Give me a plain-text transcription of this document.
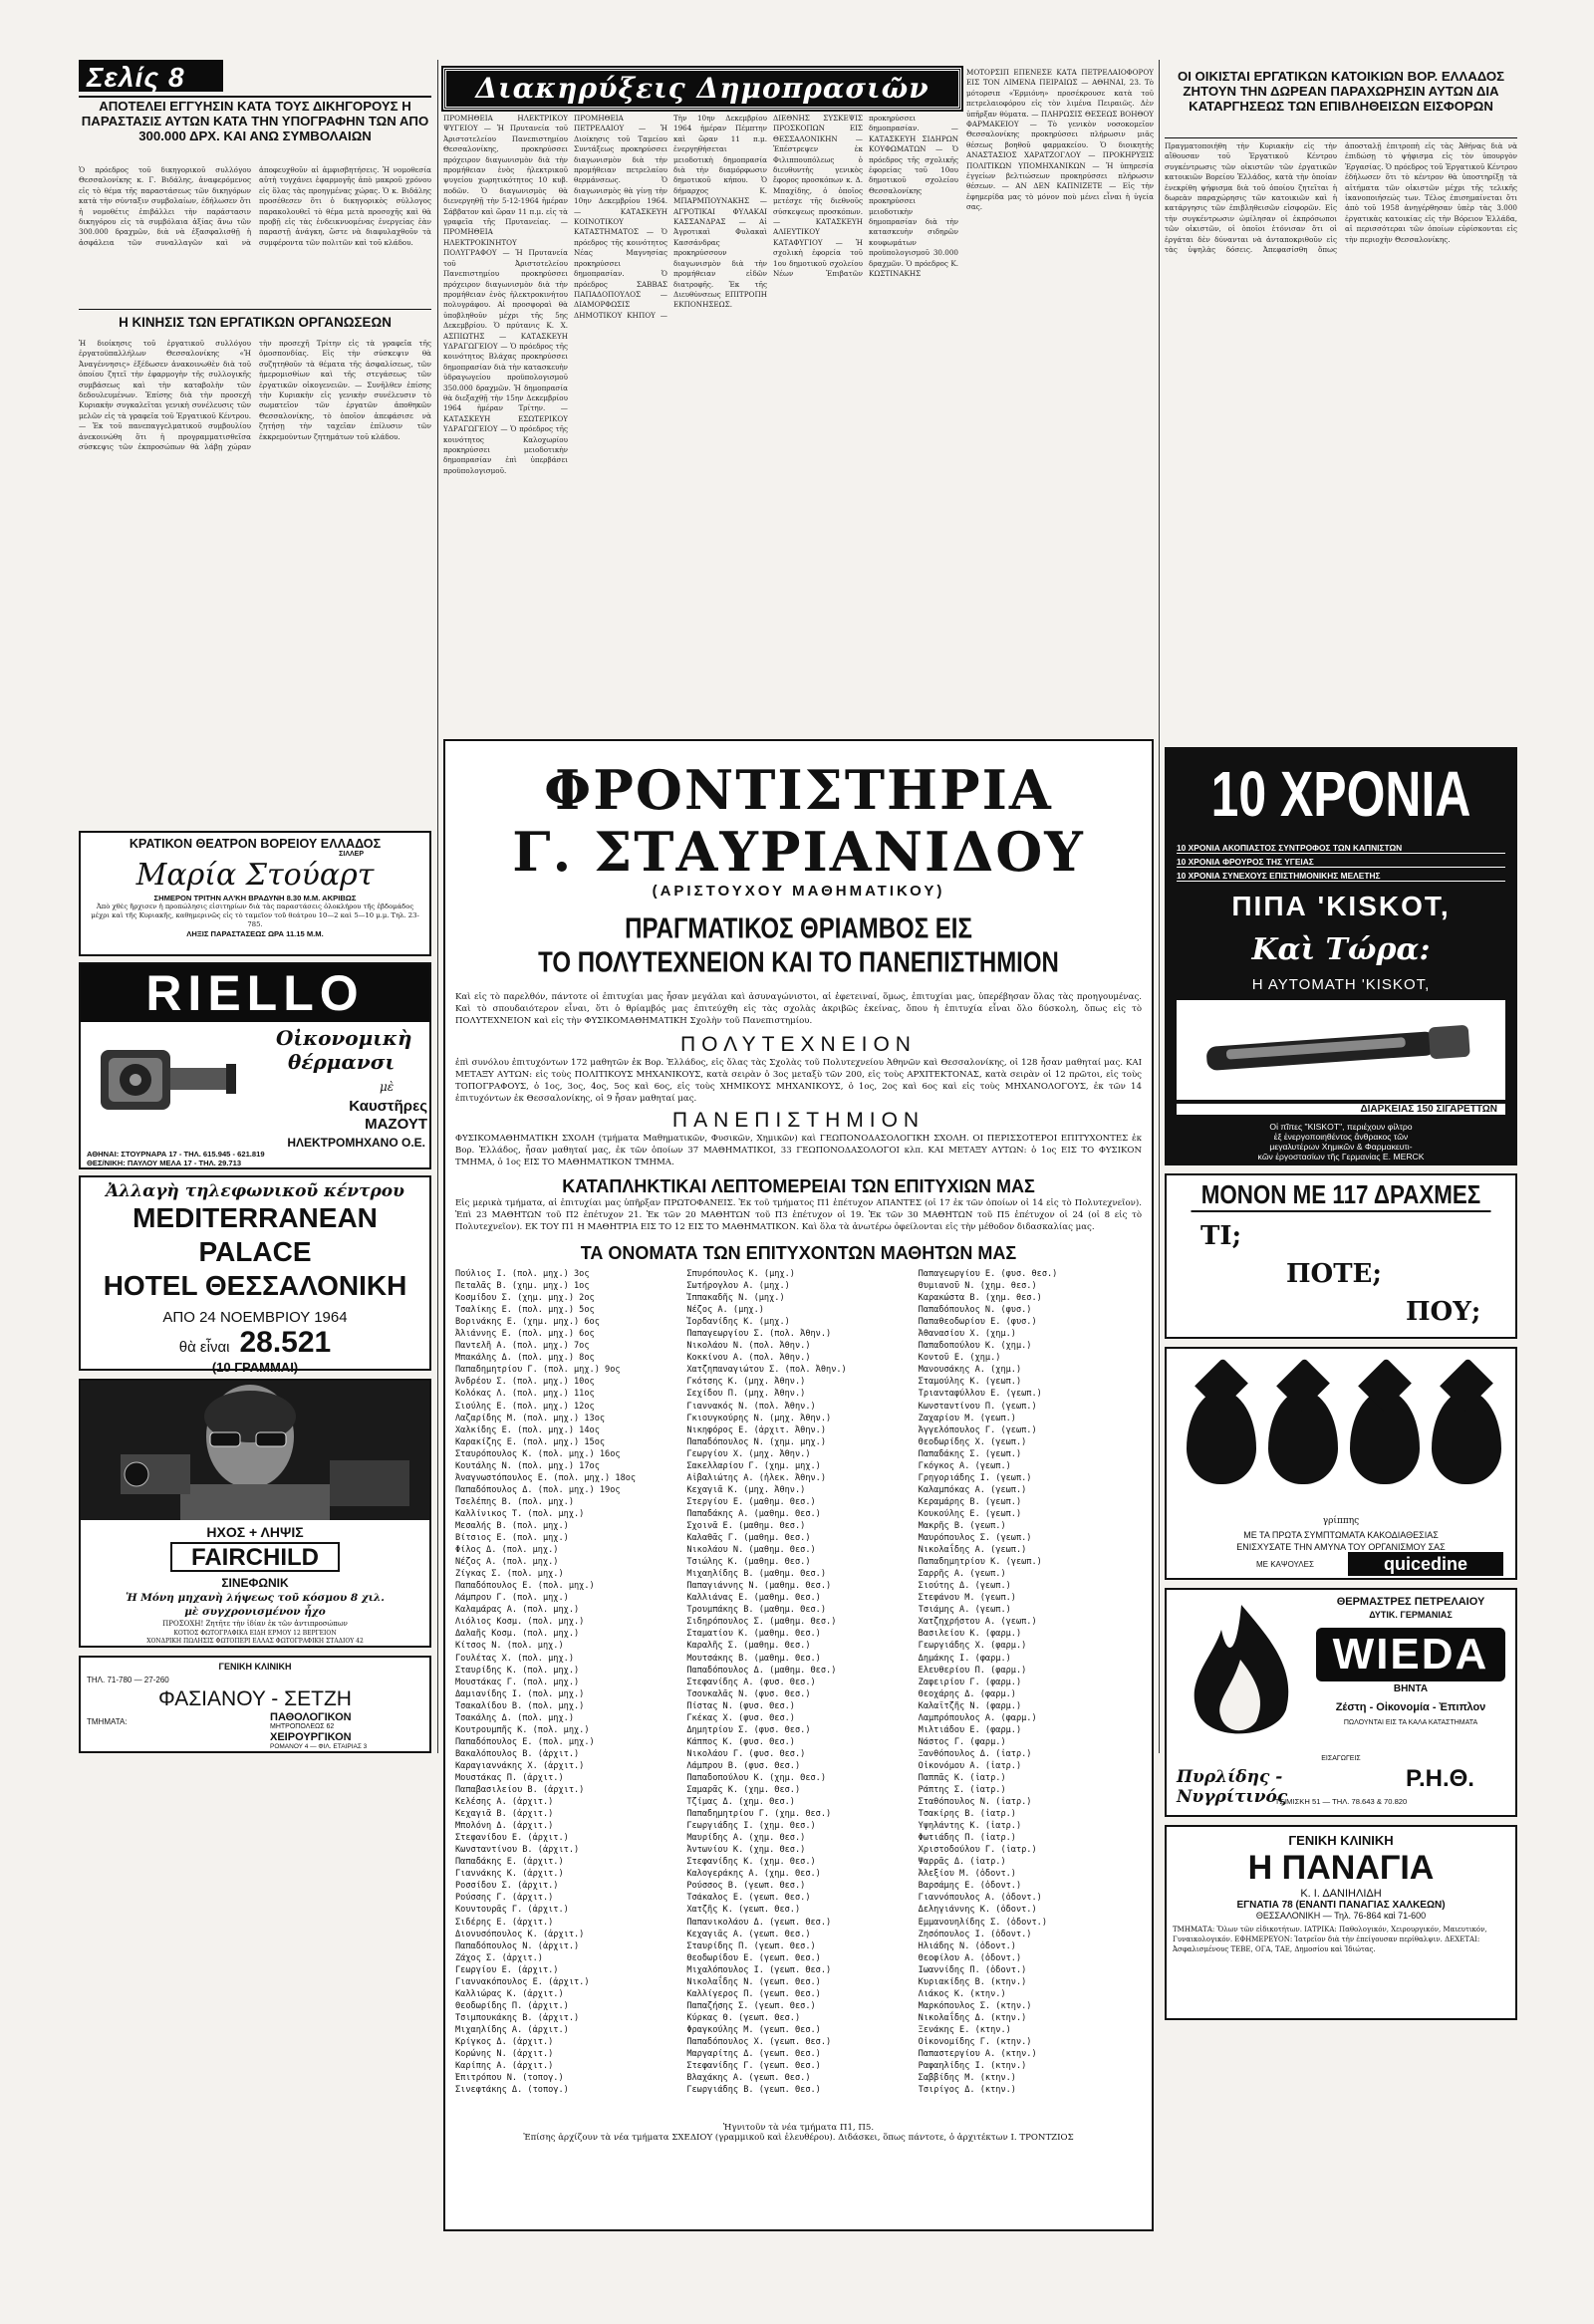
Σελίς 8
ΑΠΟΤΕΛΕΙ ΕΓΓΥΗΣΙΝ ΚΑΤΑ ΤΟΥΣ ΔΙΚΗΓΟΡΟΥΣ Η ΠΑΡΑΣΤΑΣΙΣ ΑΥΤΩΝ ΚΑΤΑ ΤΗΝ ΥΠΟΓΡΑΦΗΝ ΤΩΝ ΑΠΟ 300.000 ΔΡΧ. ΚΑΙ ΑΝΩ ΣΥΜΒΟΛΑΙΩΝ
Ὁ πρόεδρος τοῦ δικηγορικοῦ συλλόγου Θεσσαλονίκης κ. Γ. Βιδάλης, ἀναφερόμενος εἰς τὸ θέμα τῆς παραστάσεως τῶν δικηγόρων κατὰ τὴν σύνταξιν συμβολαίων, ἐδήλωσεν ὅτι ἡ νομοθέτις ἐπιβάλλει τὴν παράστασιν δικηγόρου εἰς τὰ συμβόλαια ἀξίας ἄνω τῶν 300.000 δραχμῶν, διὰ νὰ ἐξασφαλισθῇ ἡ ἀσφάλεια τῶν συναλλαγῶν καὶ νὰ ἀποφευχθοῦν αἱ ἀμφισβητήσεις. Ἡ νομοθεσία αὐτὴ τυγχάνει ἐφαρμογῆς ἀπὸ μακροῦ χρόνου εἰς ὅλας τὰς προηγμένας χώρας. Ὁ κ. Βιδάλης προσέθεσεν ὅτι ὁ δικηγορικὸς σύλλογος παρακολουθεῖ τὸ θέμα μετὰ προσοχῆς καὶ θὰ προβῇ εἰς τὰς ἐνδεικνυομένας ἐνεργείας ἐὰν παραστῇ ἀνάγκη, ὥστε νὰ διαφυλαχθοῦν τὰ συμφέροντα τῶν πολιτῶν καὶ τοῦ κλάδου.
Η ΚΙΝΗΣΙΣ ΤΩΝ ΕΡΓΑΤΙΚΩΝ ΟΡΓΑΝΩΣΕΩΝ
Ἡ διοίκησις τοῦ ἐργατικοῦ συλλόγου ἐργατοϋπαλλήλων Θεσσαλονίκης «Ἡ Ἀναγέννησις» ἐξέδωσεν ἀνακοινωθὲν διὰ τοῦ ὁποίου ζητεῖ τὴν ἐφαρμογὴν τῆς συλλογικῆς συμβάσεως καὶ τὴν καταβολὴν τῶν δεδουλευμένων. Ἐπίσης διὰ τὴν προσεχῆ Κυριακὴν συγκαλεῖται γενικὴ συνέλευσις τῶν μελῶν εἰς τὰ γραφεῖα τοῦ Ἐργατικοῦ Κέντρου. — Ἐκ τοῦ πανεπαγγελματικοῦ συμβουλίου ἀνεκοινώθη ὅτι ἡ προγραμματισθεῖσα σύσκεψις τῶν ἐκπροσώπων θὰ λάβῃ χώραν τὴν προσεχῆ Τρίτην εἰς τὰ γραφεῖα τῆς ὁμοσπονδίας. Εἰς τὴν σύσκεψιν θὰ συζητηθοῦν τὰ θέματα τῆς ἀσφαλίσεως, τῶν ἡμερομισθίων καὶ τῆς στεγάσεως τῶν ἐργατικῶν οἰκογενειῶν. — Συνῆλθεν ἐπίσης τὴν Κυριακὴν εἰς γενικὴν συνέλευσιν τὸ σωματεῖον τῶν ἐργατῶν ἀποθηκῶν Θεσσαλονίκης, τὸ ὁποῖον ἀπεφάσισε νὰ ζητήσῃ τὴν ταχεῖαν ἐπίλυσιν τῶν ἐκκρεμούντων ζητημάτων τοῦ κλάδου.
ΚΡΑΤΙΚΟΝ ΘΕΑΤΡΟΝ ΒΟΡΕΙΟΥ ΕΛΛΑΔΟΣ
ΣΙΛΛΕΡ
Μαρία Στούαρτ
ΣΗΜΕΡΟΝ ΤΡΙΤΗΝ ΑΛ'ΚΗ ΒΡΑΔΥΝΗ 8.30 Μ.Μ. ΑΚΡΙΒΩΣ
Ἀπὸ χθὲς ἤρχισεν ἡ προπώλησις εἰσιτηρίων διὰ τὰς παραστάσεις ὁλοκλήρου τῆς ἑβδομάδος μέχρι καὶ τῆς Κυριακῆς, καθημερινῶς εἰς τὸ ταμεῖον τοῦ θεάτρου 10—2 καὶ 5—10 μ.μ. Τηλ. 23-785.
ΛΗΞΙΣ ΠΑΡΑΣΤΑΣΕΩΣ ΩΡΑ 11.15 Μ.Μ.
RIELLO
Οἰκονομικὴ
θέρμανσι
μὲ
Καυστῆρες
ΜΑΖΟΥΤ
ΗΛΕΚΤΡΟΜΗΧΑΝΟ Ο.Ε.
ΑΘΗΝΑΙ: ΣΤΟΥΡΝΑΡΑ 17 - ΤΗΛ. 615.945 - 621.819
ΘΕΣ/ΝΙΚΗ: ΠΑΥΛΟΥ ΜΕΛΑ 17 - ΤΗΛ. 29.713
Ἀλλαγὴ τηλεφωνικοῦ κέντρου
MEDITERRANEAN PALACE
HOTEL ΘΕΣΣΑΛΟΝΙΚΗ
ΑΠΟ 24 ΝΟΕΜΒΡΙΟΥ 1964
θὰ εἶναι 28.521
(10 ΓΡΑΜΜΑΙ)
ΗΧΟΣ + ΛΗΨΙΣ
FAIRCHILD
ΣΙΝΕΦΩΝΙΚ
Ἡ Μόνη μηχανὴ λήψεως τοῦ κόσμου 8 χιλ.
μὲ συγχρονισμένον ἦχο
ΠΡΟΣΟΧΗ! Ζητῆτε τὴν ἰδίαν ἐκ τῶν ἀντιπροσώπων
ΚΟΤΙΟΣ ΦΩΤΟΓΡΑΦΙΚΑ ΕΙΔΗ ΕΡΜΟΥ 12 ΒΕΡΓΕΙΟΝ
ΧΟΝΔΡΙΚΗ ΠΩΛΗΣΙΣ ΦΩΤΟΠΕΡΙ ΕΛΛΑΣ ΦΩΤΟΓΡΑΦΙΚΗ ΣΤΑΔΙΟΥ 42
ΓΕΝΙΚΗ ΚΛΙΝΙΚΗ
ΤΗΛ. 71-780 — 27-260
ΦΑΣΙΑΝΟΥ - ΣΕΤΖΗ
ΤΜΗΜΑΤΑ:	ΠΑΘΟΛΟΓΙΚΟΝ
ΜΗΤΡΟΠΟΛΕΩΣ 62
ΧΕΙΡΟΥΡΓΙΚΟΝ
ΡΟΜΑΝΟΥ 4 — ΦΙΛ. ΕΤΑΙΡΙΑΣ 3
Διακηρύξεις Δημοπρασιῶν
ΠΡΟΜΗΘΕΙΑ ΗΛΕΚΤΡΙΚΟΥ ΨΥΓΕΙΟΥ — Ἡ Πρυτανεία τοῦ Ἀριστοτελείου Πανεπιστημίου Θεσσαλονίκης, προκηρύσσει πρόχειρον διαγωνισμὸν διὰ τὴν προμήθειαν ἑνὸς ἠλεκτρικοῦ ψυγείου χωρητικότητος 10 κυβ. ποδῶν. Ὁ διαγωνισμὸς θὰ διενεργηθῇ τὴν 5-12-1964 ἡμέραν Σάββατον καὶ ὥραν 11 π.μ. εἰς τὰ γραφεῖα τῆς Πρυτανείας. — ΠΡΟΜΗΘΕΙΑ ΗΛΕΚΤΡΟΚΙΝΗΤΟΥ ΠΟΛΥΓΡΑΦΟΥ — Ἡ Πρυτανεία τοῦ Ἀριστοτελείου Πανεπιστημίου προκηρύσσει πρόχειρον διαγωνισμὸν διὰ τὴν προμήθειαν ἑνὸς ἠλεκτροκινήτου πολυγράφου. Αἱ προσφοραὶ θὰ ὑποβληθοῦν μέχρι τῆς 5ης Δεκεμβρίου. Ὁ πρύτανις Κ. Χ. ΑΣΠΙΩΤΗΣ — ΚΑΤΑΣΚΕΥΗ ΥΔΡΑΓΩΓΕΙΟΥ — Ὁ πρόεδρος τῆς κοινότητος Βλάχας προκηρύσσει δημοπρασίαν διὰ τὴν κατασκευὴν ὑδραγωγείου προϋπολογισμοῦ 350.000 δραχμῶν. Ἡ δημοπρασία θὰ διεξαχθῇ τὴν 15ην Δεκεμβρίου 1964 ἡμέραν Τρίτην. — ΚΑΤΑΣΚΕΥΗ ΕΣΩΤΕΡΙΚΟΥ ΥΔΡΑΓΩΓΕΙΟΥ — Ὁ πρόεδρος τῆς κοινότητος Καλοχωρίου προκηρύσσει μειοδοτικὴν δημοπρασίαν ἐπὶ ὑπερβάσει προϋπολογισμοῦ.
ΠΡΟΜΗΘΕΙΑ ΠΕΤΡΕΛΑΙΟΥ — Ἡ Διοίκησις τοῦ Ταμείου Συντάξεως προκηρύσσει διαγωνισμὸν διὰ τὴν προμήθειαν πετρελαίου θερμάνσεως. Ὁ διαγωνισμὸς θὰ γίνῃ τὴν 10ην Δεκεμβρίου 1964. — ΚΑΤΑΣΚΕΥΗ ΚΟΙΝΟΤΙΚΟΥ ΚΑΤΑΣΤΗΜΑΤΟΣ — Ὁ πρόεδρος τῆς κοινότητος Νέας Μαγνησίας προκηρύσσει δημοπρασίαν. Ὁ πρόεδρος ΣΑΒΒΑΣ ΠΑΠΑΔΟΠΟΥΛΟΣ — ΔΙΑΜΟΡΦΩΣΙΣ ΔΗΜΟΤΙΚΟΥ ΚΗΠΟΥ — Τὴν 10ην Δεκεμβρίου 1964 ἡμέραν Πέμπτην καὶ ὥραν 11 π.μ. ἐνεργηθήσεται μειοδοτικὴ δημοπρασία διὰ τὴν διαμόρφωσιν δημοτικοῦ κήπου. Ὁ δήμαρχος Κ. ΜΠΑΡΜΠΟΥΝΑΚΗΣ — ΑΓΡΟΤΙΚΑΙ ΦΥΛΑΚΑΙ ΚΑΣΣΑΝΔΡΑΣ — Αἱ Ἀγροτικαὶ Φυλακαὶ Κασσάνδρας προκηρύσσουν διαγωνισμὸν διὰ τὴν προμήθειαν εἰδῶν διατροφῆς. Ἐκ τῆς Διευθύνσεως ΕΠΙΤΡΟΠΗ ΕΚΠΟΝΗΣΕΩΣ.
ΔΙΕΘΝΗΣ ΣΥΣΚΕΨΙΣ ΠΡΟΣΚΟΠΩΝ ΕΙΣ ΘΕΣΣΑΛΟΝΙΚΗΝ — Ἐπέστρεψεν ἐκ Φιλιππουπόλεως ὁ διευθυντὴς γενικὸς ἔφορος προσκόπων κ. Δ. Μπαχίδης, ὁ ὁποῖος μετέσχε τῆς διεθνοῦς σύσκεψεως προσκόπων. — ΚΑΤΑΣΚΕΥΗ ΑΛΙΕΥΤΙΚΟΥ ΚΑΤΑΦΥΓΙΟΥ — Ἡ σχολικὴ ἐφορεία τοῦ 1ου δημοτικοῦ σχολείου Νέων Ἐπιβατῶν προκηρύσσει δημοπρασίαν. — ΚΑΤΑΣΚΕΥΗ ΣΙΔΗΡΩΝ ΚΟΥΦΩΜΑΤΩΝ — Ὁ πρόεδρος τῆς σχολικῆς ἐφορείας τοῦ 10ου δημοτικοῦ σχολείου Θεσσαλονίκης προκηρύσσει μειοδοτικὴν δημοπρασίαν διὰ τὴν κατασκευὴν σιδηρῶν κουφωμάτων προϋπολογισμοῦ 30.000 δραχμῶν. Ὁ πρόεδρος Κ. ΚΩΣΤΙΝΑΚΗΣ
ΜΟΤΟΡΣΙΠ ΕΠΕΝΕΣΕ ΚΑΤΑ ΠΕΤΡΕΛΑΙΟΦΟΡΟΥ ΕΙΣ ΤΟΝ ΛΙΜΕΝΑ ΠΕΙΡΑΙΩΣ — ΑΘΗΝΑΙ, 23. Τὸ μότορσιπ «Ἐρμιόνη» προσέκρουσε κατὰ τοῦ πετρελαιοφόρου εἰς τὸν λιμένα Πειραιῶς. Δὲν ὑπῆρξαν θύματα. — ΠΛΗΡΩΣΙΣ ΘΕΣΕΩΣ ΒΟΗΘΟΥ ΦΑΡΜΑΚΕΙΟΥ — Τὸ γενικὸν νοσοκομεῖον Θεσσαλονίκης προκηρύσσει πλήρωσιν μιᾶς θέσεως βοηθοῦ φαρμακείου. Ὁ διοικητὴς ΑΝΑΣΤΑΣΙΟΣ ΧΑΡΑΤΖΟΓΛΟΥ — ΠΡΟΚΗΡΥΞΙΣ ΠΟΛΙΤΙΚΩΝ ΥΠΟΜΗΧΑΝΙΚΩΝ — Ἡ ὑπηρεσία ἐγγείων βελτιώσεων προκηρύσσει πλήρωσιν θέσεων. — ΑΝ ΔΕΝ ΚΑΠΝΙΖΕΤΕ — Εἰς τὴν ἐφημερίδα μας τὸ μόνον ποὺ μένει εἶναι ἡ ὑγεία σας.
ΦΡΟΝΤΙΣΤΗΡΙΑ
Γ. ΣΤΑΥΡΙΑΝΙΔΟΥ
(ΑΡΙΣΤΟΥΧΟΥ ΜΑΘΗΜΑΤΙΚΟΥ)
ΠΡΑΓΜΑΤΙΚΟΣ ΘΡΙΑΜΒΟΣ ΕΙΣ
ΤΟ ΠΟΛΥΤΕΧΝΕΙΟΝ ΚΑΙ ΤΟ ΠΑΝΕΠΙΣΤΗΜΙΟΝ
Καὶ εἰς τὸ παρελθόν, πάντοτε οἱ ἐπιτυχίαι μας ἦσαν μεγάλαι καὶ ἀσυναγώνιστοι, αἱ ἐφετειναί, ὅμως, ἐπιτυχίαι μας, ὑπερέβησαν ὅλας τὰς προηγουμένας. Καὶ τὸ σπουδαιότερον εἶναι, ὅτι ὁ θρίαμβός μας ἐπιτεύχθη εἰς τὰς σχολὰς ἀκριβῶς ἐκείνας, ὅπου ἡ ἐπιτυχία εἶναι ὅλο δύσκολη, ὅπως εἰς τὸ ΠΟΛΥΤΕΧΝΕΙΟΝ καὶ εἰς τὴν ΦΥΣΙΚΟΜΑΘΗΜΑΤΙΚΗ Σχολὴν τοῦ Πανεπιστημίου.
ΠΟΛΥΤΕΧΝΕΙΟΝ
ἐπὶ συνόλου ἐπιτυχόντων 172 μαθητῶν ἐκ Βορ. Ἑλλάδος, εἰς ὅλας τὰς Σχολὰς τοῦ Πολυτεχνείου Ἀθηνῶν καὶ Θεσσαλονίκης, οἱ 128 ἦσαν μαθηταί μας. ΚΑΙ ΜΕΤΑΞΥ ΑΥΤΩΝ: εἰς τοὺς ΠΟΛΙΤΙΚΟΥΣ ΜΗΧΑΝΙΚΟΥΣ, κατὰ σειρὰν ὁ 3ος μεταξὺ τῶν 200, εἰς τοὺς ΑΡΧΙΤΕΚΤΟΝΑΣ, κατὰ σειρὰν οἱ 12 πρῶτοι, εἰς τοὺς ΤΟΠΟΓΡΑΦΟΥΣ, ὁ 1ος, 3ος, 4ος, 5ος καὶ 6ος, εἰς τοὺς ΧΗΜΙΚΟΥΣ ΜΗΧΑΝΙΚΟΥΣ, ὁ 1ος, 2ος καὶ 6ος καὶ εἰς τοὺς ΜΗΧΑΝΟΛΟΓΟΥΣ, ἐκ τῶν 14 ἐπιτυχόντων ἐκ Θεσσαλονίκης, οἱ 9 ἦσαν μαθηταί μας.
ΠΑΝΕΠΙΣΤΗΜΙΟΝ
ΦΥΣΙΚΟΜΑΘΗΜΑΤΙΚΗ ΣΧΟΛΗ (τμήματα Μαθηματικῶν, Φυσικῶν, Χημικῶν) καὶ ΓΕΩΠΟΝΟΔΑΣΟΛΟΓΙΚΗ ΣΧΟΛΗ. ΟΙ ΠΕΡΙΣΣΟΤΕΡΟΙ ΕΠΙΤΥΧΟΝΤΕΣ ἐκ Βορ. Ἑλλάδος, ἦσαν μαθηταί μας, ἐκ τῶν ὁποίων 37 ΜΑΘΗΜΑΤΙΚΟΙ, 33 ΓΕΩΠΟΝΟΔΑΣΟΛΟΓΟΙ κλπ. ΚΑΙ ΜΕΤΑΞΥ ΑΥΤΩΝ: ὁ 1ος ΕΙΣ ΤΟ ΦΥΣΙΚΟΝ ΤΜΗΜΑ, ὁ 1ος ΕΙΣ ΤΟ ΜΑΘΗΜΑΤΙΚΟΝ ΤΜΗΜΑ.
ΚΑΤΑΠΛΗΚΤΙΚΑΙ ΛΕΠΤΟΜΕΡΕΙΑΙ ΤΩΝ ΕΠΙΤΥΧΙΩΝ ΜΑΣ
Εἰς μερικὰ τμήματα, αἱ ἐπιτυχίαι μας ὑπῆρξαν ΠΡΩΤΟΦΑΝΕΙΣ. Ἐκ τοῦ τμήματος Π1 ἐπέτυχον ΑΠΑΝΤΕΣ (οἱ 17 ἐκ τῶν ὁποίων οἱ 14 εἰς τὸ Πολυτεχνεῖον). Ἐπὶ 23 ΜΑΘΗΤΩΝ τοῦ Π2 ἐπέτυχον 21. Ἐκ τῶν 20 ΜΑΘΗΤΩΝ τοῦ Π3 ἐπέτυχον οἱ 19. Ἐκ τῶν 30 ΜΑΘΗΤΩΝ τοῦ Π5 ἐπέτυχον οἱ 24 (οἱ 8 εἰς τὸ Πολυτεχνεῖον). ΕΚ ΤΟΥ Π1 Η ΜΑΘΗΤΡΙΑ ΕΙΣ ΤΟ 12 ΕΙΣ ΤΟ ΜΑΘΗΜΑΤΙΚΟΝ. Καὶ ὅλα τὰ ἀνωτέρω ὀφείλονται εἰς τὴν μέθοδον διδασκαλίας μας.
ΤΑ ΟΝΟΜΑΤΑ ΤΩΝ ΕΠΙΤΥΧΟΝΤΩΝ ΜΑΘΗΤΩΝ ΜΑΣ
Πούλιος Ι. (πολ. μηχ.) 3ος
Πεταλᾶς Β. (χημ. μηχ.) 1ος
Κοσμίδου Σ. (χημ. μηχ.) 2ος
Τσαλίκης Ε. (πολ. μηχ.) 5ος
Βορινάκης Ε. (χημ. μηχ.) 6ος
Ἀλιάννης Ε. (πολ. μηχ.) 6ος
Παντελῆ Α. (πολ. μηχ.) 7ος
Μπακάλης Δ. (πολ. μηχ.) 8ος
Παπαδημητρίου Γ. (πολ. μηχ.) 9ος
Ἀνδρέου Σ. (πολ. μηχ.) 10ος
Κολόκας Λ. (πολ. μηχ.) 11ος
Σιούλης Ε. (πολ. μηχ.) 12ος
Λαζαρίδης Μ. (πολ. μηχ.) 13ος
Χαλκίδης Ε. (πολ. μηχ.) 14ος
Καρακίζης Ε. (πολ. μηχ.) 15ος
Σταυρόπουλος Κ. (πολ. μηχ.) 16ος
Κουτάλης Ν. (πολ. μηχ.) 17ος
Ἀναγνωστόπουλος Ε. (πολ. μηχ.) 18ος
Παπαδόπουλος Δ. (πολ. μηχ.) 19ος
Τσελέπης Β. (πολ. μηχ.)
Καλλίνικος Τ. (πολ. μηχ.)
Μεσαλής Β. (πολ. μηχ.)
Βίτσιος Ε. (πολ. μηχ.)
Φίλος Δ. (πολ. μηχ.)
Νέζος Α. (πολ. μηχ.)
Ζίγκας Σ. (πολ. μηχ.)
Παπαδόπουλος Ε. (πολ. μηχ.)
Λάμπρου Γ. (πολ. μηχ.)
Καλαμάρας Α. (πολ. μηχ.)
Λιόλιος Κοσμ. (πολ. μηχ.)
Δαλαῆς Κοσμ. (πολ. μηχ.)
Κίτσος Ν. (πολ. μηχ.)
Γουλέτας Χ. (πολ. μηχ.)
Σταυρίδης Κ. (πολ. μηχ.)
Μουστάκας Γ. (πολ. μηχ.)
Δαμιανίδης Ι. (πολ. μηχ.)
Τσακαλίδου Β. (πολ. μηχ.)
Τσακάλης Δ. (πολ. μηχ.)
Κουτρουμπῆς Κ. (πολ. μηχ.)
Παπαδόπουλος Ε. (πολ. μηχ.)
Βακαλόπουλος Β. (ἀρχιτ.)
Καραγιαννάκης Χ. (ἀρχιτ.)
Μουστάκας Π. (ἀρχιτ.)
Παπαβασιλείου Β. (ἀρχιτ.)
Κελέσης Α. (ἀρχιτ.)
Κεχαγιᾶ Β. (ἀρχιτ.)
Μπολόνη Δ. (ἀρχιτ.)
Στεφανίδου Ε. (ἀρχιτ.)
Κωνσταντίνου Β. (ἀρχιτ.)
Παπαδάκης Ε. (ἀρχιτ.)
Γιαννάκης Κ. (ἀρχιτ.)
Ροσσίδου Σ. (ἀρχιτ.)
Ρούσσης Γ. (ἀρχιτ.)
Κουντουρᾶς Γ. (ἀρχιτ.)
Σιδέρης Ε. (ἀρχιτ.)
Διονυσόπουλος Κ. (ἀρχιτ.)
Παπαδόπουλος Ν. (ἀρχιτ.)
Ζάχος Σ. (ἀρχιτ.)
Γεωργίου Ε. (ἀρχιτ.)
Γιαννακόπουλος Ε. (ἀρχιτ.)
Καλλιώρας Κ. (ἀρχιτ.)
Θεοδωρίδης Π. (ἀρχιτ.)
Τσιμπουκάκης Β. (ἀρχιτ.)
Μιχαηλίδης Α. (ἀρχιτ.)
Κρίγκος Δ. (ἀρχιτ.)
Κορώνης Ν. (ἀρχιτ.)
Καρίπης Α. (ἀρχιτ.)
Ἐπιτρόπου Ν. (τοπογ.)
Σινεφτάκης Δ. (τοπογ.)
Σπυρόπουλος Κ. (μηχ.)
Σωτήρογλου Α. (μηχ.)
Ἱππακαδῆς Ν. (μηχ.)
Νέζος Α. (μηχ.)
Ἰορδανίδης Κ. (μηχ.)
Παπαγεωργίου Σ. (πολ. Ἀθην.)
Νικολάου Ν. (πολ. Ἀθην.)
Κοκκίνου Α. (πολ. Ἀθην.)
Χατζηπαναγιώτου Σ. (πολ. Ἀθην.)
Γκότσης Κ. (μηχ. Ἀθην.)
Σεχίδου Π. (μηχ. Ἀθην.)
Γιαννακός Ν. (πολ. Ἀθην.)
Γκιουγκούρης Ν. (μηχ. Ἀθην.)
Νικηφόρος Ε. (ἀρχιτ. Ἀθην.)
Παπαδόπουλος Ν. (χημ. μηχ.)
Γεωργίου Χ. (μηχ. Ἀθην.)
Σακελλαρίου Γ. (χημ. μηχ.)
Αἰβαλιώτης Α. (ἠλεκ. Ἀθην.)
Κεχαγιᾶ Κ. (μηχ. Ἀθην.)
Στεργίου Ε. (μαθημ. Θεσ.)
Παπαδάκης Α. (μαθημ. Θεσ.)
Σχοινᾶ Ε. (μαθημ. Θεσ.)
Καλαθᾶς Γ. (μαθημ. Θεσ.)
Νικολάου Ν. (μαθημ. Θεσ.)
Τσιώλης Κ. (μαθημ. Θεσ.)
Μιχαηλίδης Β. (μαθημ. Θεσ.)
Παπαγιάννης Ν. (μαθημ. Θεσ.)
Καλλιάνας Ε. (μαθημ. Θεσ.)
Τρουμπάκης Β. (μαθημ. Θεσ.)
Σιδηρόπουλος Σ. (μαθημ. Θεσ.)
Σταματίου Κ. (μαθημ. Θεσ.)
Καραλῆς Σ. (μαθημ. Θεσ.)
Μουτσάκης Β. (μαθημ. Θεσ.)
Παπαδόπουλος Δ. (μαθημ. Θεσ.)
Στεφανίδης Α. (φυσ. Θεσ.)
Τσουκαλᾶς Ν. (φυσ. Θεσ.)
Πίστας Ν. (φυσ. Θεσ.)
Γκέκας Χ. (φυσ. Θεσ.)
Δημητρίου Σ. (φυσ. Θεσ.)
Κάππος Κ. (φυσ. Θεσ.)
Νικολάου Γ. (φυσ. Θεσ.)
Λάμπρου Β. (φυσ. Θεσ.)
Παπαδοπούλου Κ. (χημ. Θεσ.)
Σαμαρᾶς Κ. (χημ. Θεσ.)
Τζίμας Δ. (χημ. Θεσ.)
Παπαδημητρίου Γ. (χημ. Θεσ.)
Γεωργιάδης Ι. (χημ. Θεσ.)
Μαυρίδης Α. (χημ. Θεσ.)
Ἀντωνίου Κ. (χημ. Θεσ.)
Στεφανίδης Κ. (χημ. Θεσ.)
Καλογεράκης Α. (χημ. Θεσ.)
Ρούσσος Β. (γεωπ. Θεσ.)
Τσάκαλος Ε. (γεωπ. Θεσ.)
Χατζῆς Κ. (γεωπ. Θεσ.)
Παπανικολάου Δ. (γεωπ. Θεσ.)
Κεχαγιᾶς Α. (γεωπ. Θεσ.)
Σταυρίδης Π. (γεωπ. Θεσ.)
Θεοδωρίδου Ε. (γεωπ. Θεσ.)
Μιχαλόπουλος Ι. (γεωπ. Θεσ.)
Νικολαΐδης Ν. (γεωπ. Θεσ.)
Καλλίγερος Π. (γεωπ. Θεσ.)
Παπαζήσης Σ. (γεωπ. Θεσ.)
Κύρκας Θ. (γεωπ. Θεσ.)
Φραγκούλης Μ. (γεωπ. Θεσ.)
Παπαδόπουλος Χ. (γεωπ. Θεσ.)
Μαργαρίτης Δ. (γεωπ. Θεσ.)
Στεφανίδης Γ. (γεωπ. Θεσ.)
Βλαχάκης Α. (γεωπ. Θεσ.)
Γεωργιάδης Β. (γεωπ. Θεσ.)
Παπαγεωργίου Ε. (φυσ. θεσ.)
Θυμιανοῦ Ν. (χημ. θεσ.)
Καρακώστα Β. (χημ. θεσ.)
Παπαδόπουλος Ν. (φυσ.)
Παπαθεοδωρίου Ε. (φυσ.)
Ἀθανασίου Χ. (χημ.)
Παπαδοπούλου Κ. (χημ.)
Κοντοῦ Ε. (χημ.)
Μανουσάκης Α. (χημ.)
Σταμούλης Κ. (γεωπ.)
Τριανταφύλλου Ε. (γεωπ.)
Κωνσταντίνου Π. (γεωπ.)
Ζαχαρίου Μ. (γεωπ.)
Ἀγγελόπουλος Γ. (γεωπ.)
Θεοδωρίδης Χ. (γεωπ.)
Παπαδάκης Σ. (γεωπ.)
Γκόγκος Α. (γεωπ.)
Γρηγοριάδης Ι. (γεωπ.)
Καλαμπόκας Α. (γεωπ.)
Κεραμάρης Β. (γεωπ.)
Κουκούλης Ε. (γεωπ.)
Μακρῆς Β. (γεωπ.)
Μαυρόπουλος Σ. (γεωπ.)
Νικολαΐδης Α. (γεωπ.)
Παπαδημητρίου Κ. (γεωπ.)
Σαρρῆς Α. (γεωπ.)
Σιούτης Δ. (γεωπ.)
Στεφάνου Μ. (γεωπ.)
Τσιάμης Α. (γεωπ.)
Χατζηχρήστου Α. (γεωπ.)
Βασιλείου Κ. (φαρμ.)
Γεωργιάδης Χ. (φαρμ.)
Δημάκης Ι. (φαρμ.)
Ἐλευθερίου Π. (φαρμ.)
Ζαφειρίου Γ. (φαρμ.)
Θεοχάρης Δ. (φαρμ.)
Καλαϊτζῆς Ν. (φαρμ.)
Λαμπρόπουλος Α. (φαρμ.)
Μιλτιάδου Ε. (φαρμ.)
Νάστος Γ. (φαρμ.)
Ξανθόπουλος Δ. (ἰατρ.)
Οἰκονόμου Α. (ἰατρ.)
Παππᾶς Κ. (ἰατρ.)
Ῥάπτης Σ. (ἰατρ.)
Σταθόπουλος Ν. (ἰατρ.)
Τσακίρης Β. (ἰατρ.)
Ὑψηλάντης Κ. (ἰατρ.)
Φωτιάδης Π. (ἰατρ.)
Χριστοδούλου Γ. (ἰατρ.)
Ψαρρᾶς Δ. (ἰατρ.)
Ἀλεξίου Μ. (ὀδοντ.)
Βαρσάμης Ε. (ὀδοντ.)
Γιαννόπουλος Α. (ὀδοντ.)
Δεληγιάννης Κ. (ὀδοντ.)
Ἐμμανουηλίδης Σ. (ὀδοντ.)
Ζησόπουλος Ι. (ὀδοντ.)
Ηλιάδης Ν. (ὀδοντ.)
Θεοφίλου Α. (ὀδοντ.)
Ἰωαννίδης Π. (ὀδοντ.)
Κυριακίδης Β. (κτην.)
Λιάκος Κ. (κτην.)
Μαρκόπουλος Σ. (κτην.)
Νικολαΐδης Δ. (κτην.)
Ξενάκης Ε. (κτην.)
Οἰκονομίδης Γ. (κτην.)
Παπαστεργίου Α. (κτην.)
Ραφαηλίδης Ι. (κτην.)
Σαββίδης Μ. (κτην.)
Τσιρίγος Δ. (κτην.)
Ἡγνιτοῦν τὰ νέα τμήματα Π1, Π5.
Ἐπίσης ἀρχίζουν τὰ νέα τμήματα ΣΧΕΔΙΟΥ (γραμμικοῦ καὶ ἐλευθέρου). Διδάσκει, ὅπως πάντοτε, ὁ ἀρχιτέκτων Ι. ΤΡΟΝΤΖΙΟΣ
ΟΙ ΟΙΚΙΣΤΑΙ ΕΡΓΑΤΙΚΩΝ ΚΑΤΟΙΚΙΩΝ ΒΟΡ. ΕΛΛΑΔΟΣ ΖΗΤΟΥΝ ΤΗΝ ΔΩΡΕΑΝ ΠΑΡΑΧΩΡΗΣΙΝ ΑΥΤΩΝ ΔΙΑ ΚΑΤΑΡΓΗΣΕΩΣ ΤΩΝ ΕΠΙΒΛΗΘΕΙΣΩΝ ΕΙΣΦΟΡΩΝ
Πραγματοποιήθη τὴν Κυριακὴν εἰς τὴν αἴθουσαν τοῦ Ἐργατικοῦ Κέντρου συγκέντρωσις τῶν οἰκιστῶν τῶν ἐργατικῶν κατοικιῶν Βορείου Ἑλλάδος, κατὰ τὴν ὁποίαν ἐνεκρίθη ψήφισμα διὰ τοῦ ὁποίου ζητεῖται ἡ δωρεὰν παραχώρησις τῶν κατοικιῶν καὶ ἡ κατάργησις τῶν ἐπιβληθεισῶν εἰσφορῶν. Εἰς τὴν συγκέντρωσιν ὡμίλησαν οἱ ἐκπρόσωποι τῶν οἰκιστῶν, οἱ ὁποῖοι ἐτόνισαν ὅτι οἱ ἐργάται δὲν δύνανται νὰ ἀνταποκριθοῦν εἰς τὰς ὑψηλὰς δόσεις. Ἀπεφασίσθη ὅπως ἀποσταλῇ ἐπιτροπὴ εἰς τὰς Ἀθήνας διὰ νὰ ἐπιδώσῃ τὸ ψήφισμα εἰς τὸν ὑπουργὸν Ἐργασίας. Ὁ πρόεδρος τοῦ Ἐργατικοῦ Κέντρου ἐδήλωσεν ὅτι τὸ κέντρον θὰ ὑποστηρίξῃ τὰ αἰτήματα τῶν οἰκιστῶν μέχρι τῆς τελικῆς ἱκανοποιήσεώς των. Τέλος ἐπισημαίνεται ὅτι ἀπὸ τοῦ 1958 ἀνηγέρθησαν ὑπὲρ τὰς 3.000 ἐργατικὰς κατοικίας εἰς τὴν Βόρειον Ἑλλάδα, αἱ περισσότεραι τῶν ὁποίων εὑρίσκονται εἰς τὴν περιοχὴν Θεσσαλονίκης.
10 ΧΡΟΝΙΑ
10 ΧΡΟΝΙΑ ΑΚΟΠΙΑΣΤΟΣ ΣΥΝΤΡΟΦΟΣ ΤΩΝ ΚΑΠΝΙΣΤΩΝ
10 ΧΡΟΝΙΑ ΦΡΟΥΡΟΣ ΤΗΣ ΥΓΕΙΑΣ
10 ΧΡΟΝΙΑ ΣΥΝΕΧΟΥΣ ΕΠΙΣΤΗΜΟΝΙΚΗΣ ΜΕΛΕΤΗΣ
ΠΙΠΑ 'KISKOT,
Καὶ Τώρα:
Η ΑΥΤΟΜΑΤΗ 'KISKOT,
ΔΙΑΡΚΕΙΑΣ 150 ΣΙΓΑΡΕΤΤΩΝ
Οἱ πῖπες "KISKOT", περιέχουν φίλτρο
ἐξ ἐνεργοποιηθέντος ἄνθρακος τῶν
μεγαλυτέρων Χημικῶν & Φαρμακευτι-
κῶν ἐργοστασίων τῆς Γερμανίας E. MERCK
ΜΟΝΟΝ ΜΕ 117 ΔΡΑΧΜΕΣ
ΤΙ;
ΠΟΤΕ;
ΠΟΥ;
γρίππης
ΜΕ ΤΑ ΠΡΩΤΑ ΣΥΜΠΤΩΜΑΤΑ ΚΑΚΟΔΙΑΘΕΣΙΑΣ
ΕΝΙΣΧΥΣΑΤΕ ΤΗΝ ΑΜΥΝΑ ΤΟΥ ΟΡΓΑΝΙΣΜΟΥ ΣΑΣ
ΜΕ ΚΑΨΟΥΛΕΣ	quicedine
ΘΕΡΜΑΣΤΡΕΣ ΠΕΤΡΕΛΑΙΟΥ
ΔΥΤΙΚ. ΓΕΡΜΑΝΙΑΣ
WIEDA
ΒΗΝΤΑ
Ζέστη - Οἰκονομία - Ἐπιπλον
ΠΩΛΟΥΝΤΑΙ ΕΙΣ ΤΑ ΚΑΛΑ ΚΑΤΑΣΤΗΜΑΤΑ
ΕΙΣΑΓΩΓΕΙΣ
Πυρλίδης - Νυγρίτινός
Ρ.Η.Θ.
ΤΣΙΜΙΣΚΗ 51 — ΤΗΛ. 78.643 & 70.820
ΓΕΝΙΚΗ ΚΛΙΝΙΚΗ
Η ΠΑΝΑΓΙΑ
Κ. Ι. ΔΑΝΙΗΛΙΔΗ
ΕΓΝΑΤΙΑ 78 (ΕΝΑΝΤΙ ΠΑΝΑΓΙΑΣ ΧΑΛΚΕΩΝ)
ΘΕΣΣΑΛΟΝΙΚΗ — Τηλ. 76-864 καὶ 71-600
ΤΜΗΜΑΤΑ: Ὅλων τῶν εἰδικοτήτων. ΙΑΤΡΙΚΑ: Παθολογικόν, Χειρουργικόν, Μαιευτικόν, Γυναικολογικόν. ΕΦΗΜΕΡΕΥΟΝ: Ἰατρεῖον διὰ τὴν ἐπείγουσαν περίθαλψιν. ΔΕΧΕΤΑΙ: Ἀσφαλισμένους ΤΕΒΕ, ΟΓΑ, ΤΑΕ, Δημοσίου καὶ Ἰδιώτας.
